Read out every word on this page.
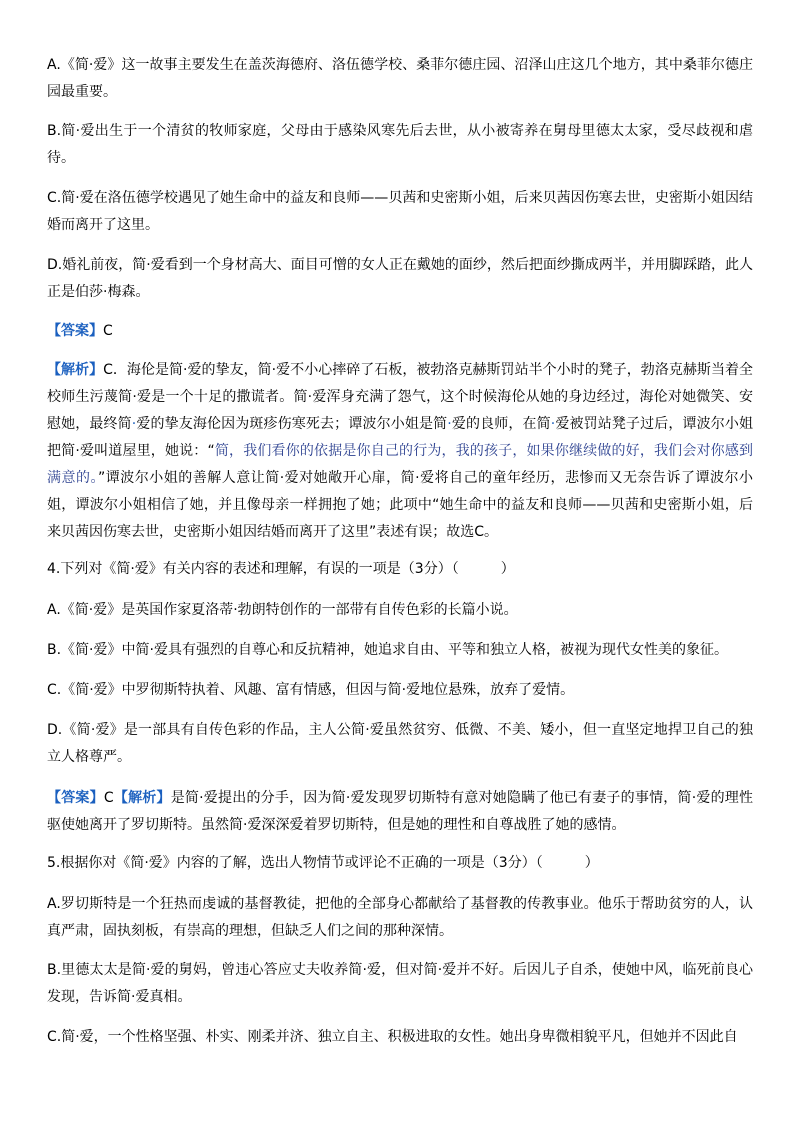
A.《简·爱》这一故事主要发生在盖茨海德府、洛伍德学校、桑菲尔德庄园、沼泽山庄这几个地方，其中桑菲尔德庄园最重要。

B.简·爱出生于一个清贫的牧师家庭，父母由于感染风寒先后去世，从小被寄养在舅母里德太太家，受尽歧视和虐待。

C.简·爱在洛伍德学校遇见了她生命中的益友和良师——贝茜和史密斯小姐，后来贝茜因伤寒去世，史密斯小姐因结婚而离开了这里。

D.婚礼前夜，简·爱看到一个身材高大、面目可憎的女人正在戴她的面纱，然后把面纱撕成两半，并用脚踩踏，此人正是伯莎·梅森。

【答案】C

【解析】C．海伦是简·爱的挚友，简·爱不小心摔碎了石板，被勃洛克赫斯罚站半个小时的凳子，勃洛克赫斯当着全校师生污蔑简·爱是一个十足的撒谎者。简·爱浑身充满了怨气，这个时候海伦从她的身边经过，海伦对她微笑、安慰她，最终简·爱的挚友海伦因为斑疹伤寒死去；谭波尔小姐是简·爱的良师，在简·爱被罚站凳子过后，谭波尔小姐把简·爱叫道屋里，她说：“简，我们看你的依据是你自己的行为，我的孩子，如果你继续做的好，我们会对你感到满意的。”谭波尔小姐的善解人意让简·爱对她敞开心扉，简·爱将自己的童年经历，悲惨而又无奈告诉了谭波尔小姐，谭波尔小姐相信了她，并且像母亲一样拥抱了她；此项中“她生命中的益友和良师——贝茜和史密斯小姐，后来贝茜因伤寒去世，史密斯小姐因结婚而离开了这里”表述有误；故选C。

4.下列对《简·爱》有关内容的表述和理解，有误的一项是（3分）（　　　）

A.《简·爱》是英国作家夏洛蒂·勃朗特创作的一部带有自传色彩的长篇小说。

B.《简·爱》中简·爱具有强烈的自尊心和反抗精神，她追求自由、平等和独立人格，被视为现代女性美的象征。

C.《简·爱》中罗彻斯特执着、风趣、富有情感，但因与简·爱地位悬殊，放弃了爱情。

D.《简·爱》是一部具有自传色彩的作品，主人公简·爱虽然贫穷、低微、不美、矮小，但一直坚定地捍卫自己的独立人格尊严。

【答案】C【解析】是简·爱提出的分手，因为简·爱发现罗切斯特有意对她隐瞒了他已有妻子的事情，简·爱的理性驱使她离开了罗切斯特。虽然简·爱深深爱着罗切斯特，但是她的理性和自尊战胜了她的感情。

5.根据你对《简·爱》内容的了解，选出人物情节或评论不正确的一项是（3分）（　　　）

A.罗切斯特是一个狂热而虔诚的基督教徒，把他的全部身心都献给了基督教的传教事业。他乐于帮助贫穷的人，认真严肃，固执刻板，有崇高的理想，但缺乏人们之间的那种深情。

B.里德太太是简·爱的舅妈，曾违心答应丈夫收养简·爱，但对简·爱并不好。后因儿子自杀，使她中风，临死前良心发现，告诉简·爱真相。

C.简·爱，一个性格坚强、朴实、刚柔并济、独立自主、积极进取的女性。她出身卑微相貌平凡，但她并不因此自
